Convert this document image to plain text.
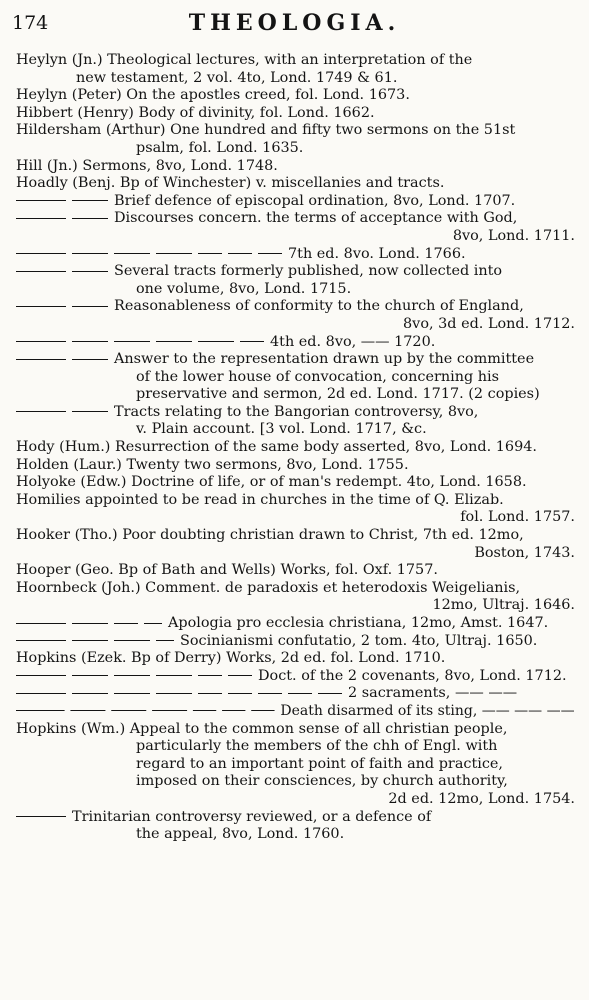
174	THEOLOGIA.
Heylyn (Jn.) Theological lectures, with an interpretation of the
new testament, 2 vol. 4to, Lond. 1749 & 61.
Heylyn (Peter) On the apostles creed, fol. Lond. 1673.
Hibbert (Henry) Body of divinity, fol. Lond. 1662.
Hildersham (Arthur) One hundred and fifty two sermons on the 51st
psalm, fol. Lond. 1635.
Hill (Jn.) Sermons, 8vo, Lond. 1748.
Hoadly (Benj. Bp of Winchester) v. miscellanies and tracts.
Brief defence of episcopal ordination, 8vo, Lond. 1707.
Discourses concern. the terms of acceptance with God,
8vo, Lond. 1711.
7th ed. 8vo. Lond. 1766.
Several tracts formerly published, now collected into
one volume, 8vo, Lond. 1715.
Reasonableness of conformity to the church of England,
8vo, 3d ed. Lond. 1712.
4th ed. 8vo, —— 1720.
Answer to the representation drawn up by the committee
of the lower house of convocation, concerning his
preservative and sermon, 2d ed. Lond. 1717. (2 copies)
Tracts relating to the Bangorian controversy, 8vo,
v. Plain account. [3 vol. Lond. 1717, &c.
Hody (Hum.) Resurrection of the same body asserted, 8vo, Lond. 1694.
Holden (Laur.) Twenty two sermons, 8vo, Lond. 1755.
Holyoke (Edw.) Doctrine of life, or of man's redempt. 4to, Lond. 1658.
Homilies appointed to be read in churches in the time of Q. Elizab.
fol. Lond. 1757.
Hooker (Tho.) Poor doubting christian drawn to Christ, 7th ed. 12mo,
Boston, 1743.
Hooper (Geo. Bp of Bath and Wells) Works, fol. Oxf. 1757.
Hoornbeck (Joh.) Comment. de paradoxis et heterodoxis Weigelianis,
12mo, Ultraj. 1646.
Apologia pro ecclesia christiana, 12mo, Amst. 1647.
Socinianismi confutatio, 2 tom. 4to, Ultraj. 1650.
Hopkins (Ezek. Bp of Derry) Works, 2d ed. fol. Lond. 1710.
Doct. of the 2 covenants, 8vo, Lond. 1712.
2 sacraments, —— ——
Death disarmed of its sting, —— —— ——
Hopkins (Wm.) Appeal to the common sense of all christian people,
particularly the members of the chh of Engl. with
regard to an important point of faith and practice,
imposed on their consciences, by church authority,
2d ed. 12mo, Lond. 1754.
Trinitarian controversy reviewed, or a defence of
the appeal, 8vo, Lond. 1760.
